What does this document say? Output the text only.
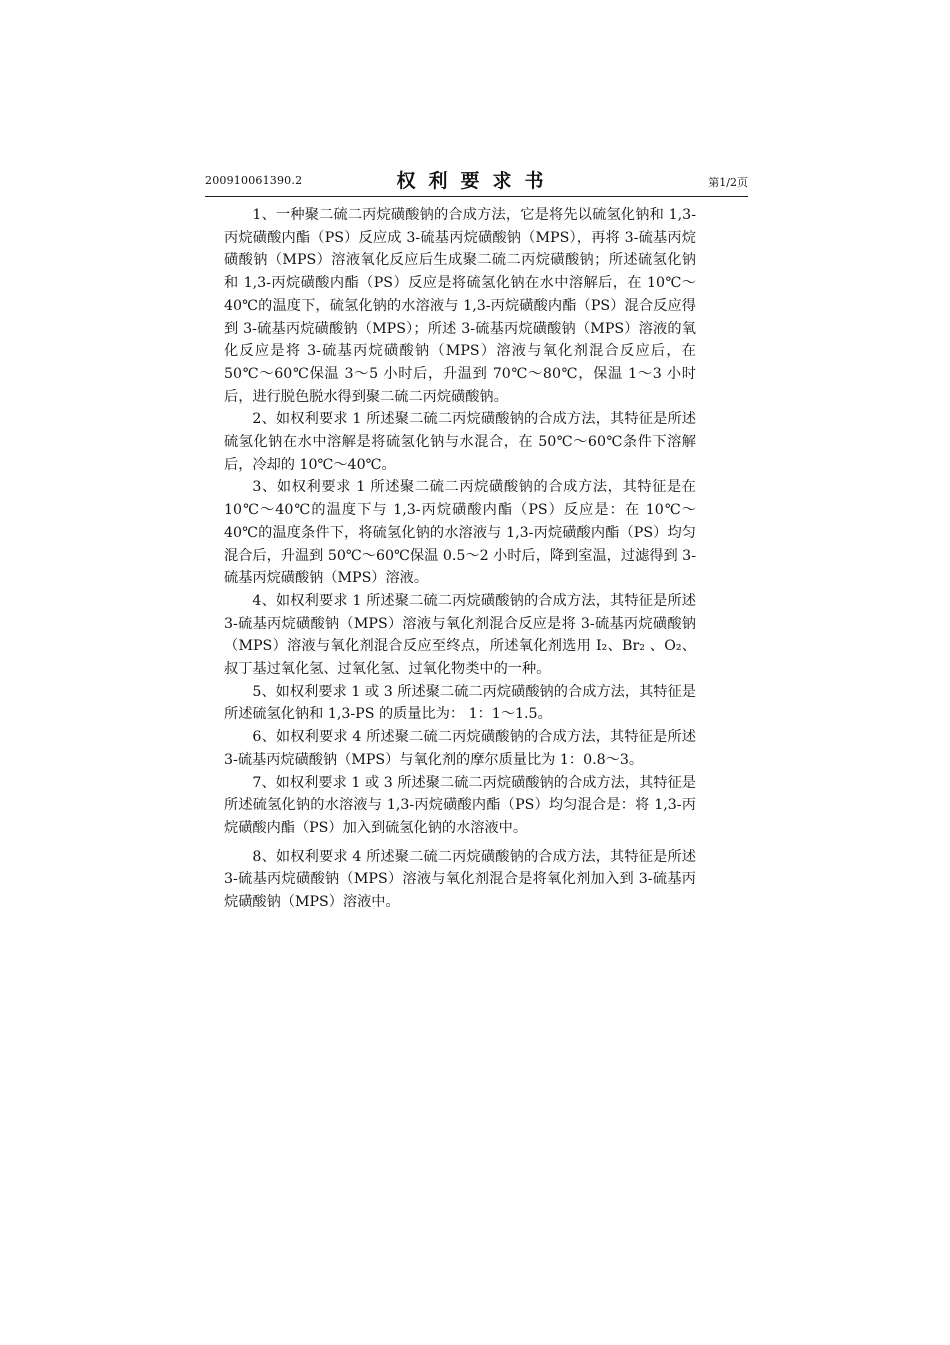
200910061390.2	权利要求书	第1/2页

1、一种聚二硫二丙烷磺酸钠的合成方法，它是将先以硫氢化钠和 1,3-丙烷磺酸内酯（PS）反应成 3-硫基丙烷磺酸钠（MPS），再将 3-硫基丙烷磺酸钠（MPS）溶液氧化反应后生成聚二硫二丙烷磺酸钠；所述硫氢化钠和 1,3-丙烷磺酸内酯（PS）反应是将硫氢化钠在水中溶解后，在 10℃～40℃的温度下，硫氢化钠的水溶液与 1,3-丙烷磺酸内酯（PS）混合反应得到 3-硫基丙烷磺酸钠（MPS）；所述 3-硫基丙烷磺酸钠（MPS）溶液的氧化反应是将 3-硫基丙烷磺酸钠（MPS）溶液与氧化剂混合反应后，在 50℃～60℃保温 3～5 小时后，升温到 70℃～80℃，保温 1～3 小时后，进行脱色脱水得到聚二硫二丙烷磺酸钠。

2、如权利要求 1 所述聚二硫二丙烷磺酸钠的合成方法，其特征是所述硫氢化钠在水中溶解是将硫氢化钠与水混合，在 50℃～60℃条件下溶解后，冷却的 10℃～40℃。

3、如权利要求 1 所述聚二硫二丙烷磺酸钠的合成方法，其特征是在 10℃～40℃的温度下与 1,3-丙烷磺酸内酯（PS）反应是：在 10℃～40℃的温度条件下，将硫氢化钠的水溶液与 1,3-丙烷磺酸内酯（PS）均匀混合后，升温到 50℃～60℃保温 0.5～2 小时后，降到室温，过滤得到 3-硫基丙烷磺酸钠（MPS）溶液。

4、如权利要求 1 所述聚二硫二丙烷磺酸钠的合成方法，其特征是所述 3-硫基丙烷磺酸钠（MPS）溶液与氧化剂混合反应是将 3-硫基丙烷磺酸钠（MPS）溶液与氧化剂混合反应至终点，所述氧化剂选用 I₂、Br₂ 、O₂、叔丁基过氧化氢、过氧化氢、过氧化物类中的一种。

5、如权利要求 1 或 3 所述聚二硫二丙烷磺酸钠的合成方法，其特征是所述硫氢化钠和 1,3-PS 的质量比为： 1：1～1.5。

6、如权利要求 4 所述聚二硫二丙烷磺酸钠的合成方法，其特征是所述 3-硫基丙烷磺酸钠（MPS）与氧化剂的摩尔质量比为 1：0.8～3。

7、如权利要求 1 或 3 所述聚二硫二丙烷磺酸钠的合成方法，其特征是所述硫氢化钠的水溶液与 1,3-丙烷磺酸内酯（PS）均匀混合是：将 1,3-丙烷磺酸内酯（PS）加入到硫氢化钠的水溶液中。

8、如权利要求 4 所述聚二硫二丙烷磺酸钠的合成方法，其特征是所述 3-硫基丙烷磺酸钠（MPS）溶液与氧化剂混合是将氧化剂加入到 3-硫基丙烷磺酸钠（MPS）溶液中。
